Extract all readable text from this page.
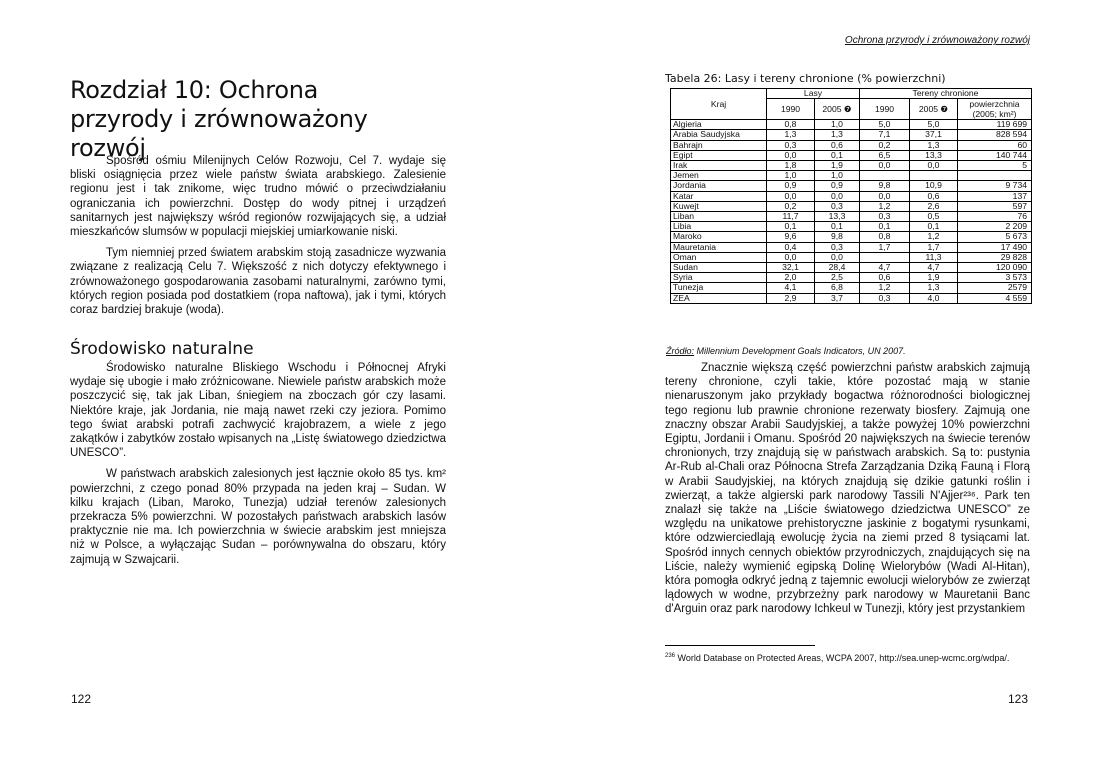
Rozdział 10: Ochrona przyrody i zrównoważony rozwój

Spośród ośmiu Milenijnych Celów Rozwoju, Cel 7. wydaje się bliski osiągnięcia przez wiele państw świata arabskiego. Zalesienie regionu jest i tak znikome, więc trudno mówić o przeciwdziałaniu ograniczania ich powierzchni. Dostęp do wody pitnej i urządzeń sanitarnych jest największy wśród regionów rozwijających się, a udział mieszkańców slumsów w populacji miejskiej umiarkowanie niski.

Tym niemniej przed światem arabskim stoją zasadnicze wyzwania związane z realizacją Celu 7. Większość z nich dotyczy efektywnego i zrównoważonego gospodarowania zasobami naturalnymi, zarówno tymi, których region posiada pod dostatkiem (ropa naftowa), jak i tymi, których coraz bardziej brakuje (woda).

Środowisko naturalne

Środowisko naturalne Bliskiego Wschodu i Północnej Afryki wydaje się ubogie i mało zróżnicowane. Niewiele państw arabskich może poszczycić się, tak jak Liban, śniegiem na zboczach gór czy lasami. Niektóre kraje, jak Jordania, nie mają nawet rzeki czy jeziora. Pomimo tego świat arabski potrafi zachwycić krajobrazem, a wiele z jego zakątków i zabytków zostało wpisanych na „Listę światowego dziedzictwa UNESCO”.

W państwach arabskich zalesionych jest łącznie około 85 tys. km² powierzchni, z czego ponad 80% przypada na jeden kraj – Sudan. W kilku krajach (Liban, Maroko, Tunezja) udział terenów zalesionych przekracza 5% powierzchni. W pozostałych państwach arabskich lasów praktycznie nie ma. Ich powierzchnia w świecie arabskim jest mniejsza niż w Polsce, a wyłączając Sudan – porównywalna do obszaru, który zajmują w Szwajcarii.

122
Ochrona przyrody i zrównoważony rozwój
Tabela 26: Lasy i tereny chronione (% powierzchni)
Kraj	Lasy		Tereny chronione		
	1990	2005 ❼	1990	2005 ❼	powierzchnia (2005; km²)
Algieria	0,8	1,0	5,0	5,0	119 699
Arabia Saudyjska	1,3	1,3	7,1	37,1	828 594
Bahrajn	0,3	0,6	0,2	1,3	60
Egipt	0,0	0,1	6,5	13,3	140 744
Irak	1,8	1,9	0,0	0,0	5
Jemen	1,0	1,0			
Jordania	0,9	0,9	9,8	10,9	9 734
Katar	0,0	0,0	0,0	0,6	137
Kuwejt	0,2	0,3	1,2	2,6	597
Liban	11,7	13,3	0,3	0,5	76
Libia	0,1	0,1	0,1	0,1	2 209
Maroko	9,6	9,8	0,8	1,2	5 673
Mauretania	0,4	0,3	1,7	1,7	17 490
Oman	0,0	0,0		11,3	29 828
Sudan	32,1	28,4	4,7	4,7	120 090
Syria	2,0	2,5	0,6	1,9	3 573
Tunezja	4,1	6,8	1,2	1,3	2579
ZEA	2,9	3,7	0,3	4,0	4 559
Źródło: Millennium Development Goals Indicators, UN 2007.

Znacznie większą część powierzchni państw arabskich zajmują tereny chronione, czyli takie, które pozostać mają w stanie nienaruszonym jako przykłady bogactwa różnorodności biologicznej tego regionu lub prawnie chronione rezerwaty biosfery. Zajmują one znaczny obszar Arabii Saudyjskiej, a także powyżej 10% powierzchni Egiptu, Jordanii i Omanu. Spośród 20 największych na świecie terenów chronionych, trzy znajdują się w państwach arabskich. Są to: pustynia Ar-Rub al-Chali oraz Północna Strefa Zarządzania Dziką Fauną i Florą w Arabii Saudyjskiej, na których znajdują się dzikie gatunki roślin i zwierząt, a także algierski park narodowy Tassili N'Ajjer²³⁶. Park ten znalazł się także na „Liście światowego dziedzictwa UNESCO” ze względu na unikatowe prehistoryczne jaskinie z bogatymi rysunkami, które odzwierciedlają ewolucję życia na ziemi przed 8 tysiącami lat. Spośród innych cennych obiektów przyrodniczych, znajdujących się na Liście, należy wymienić egipską Dolinę Wielorybów (Wadi Al-Hitan), która pomogła odkryć jedną z tajemnic ewolucji wielorybów ze zwierząt lądowych w wodne, przybrzeżny park narodowy w Mauretanii Banc d'Arguin oraz park narodowy Ichkeul w Tunezji, który jest przystankiem

$^{236}$ World Database on Protected Areas, WCPA 2007, http://sea.unep-wcmc.org/wdpa/.
123
